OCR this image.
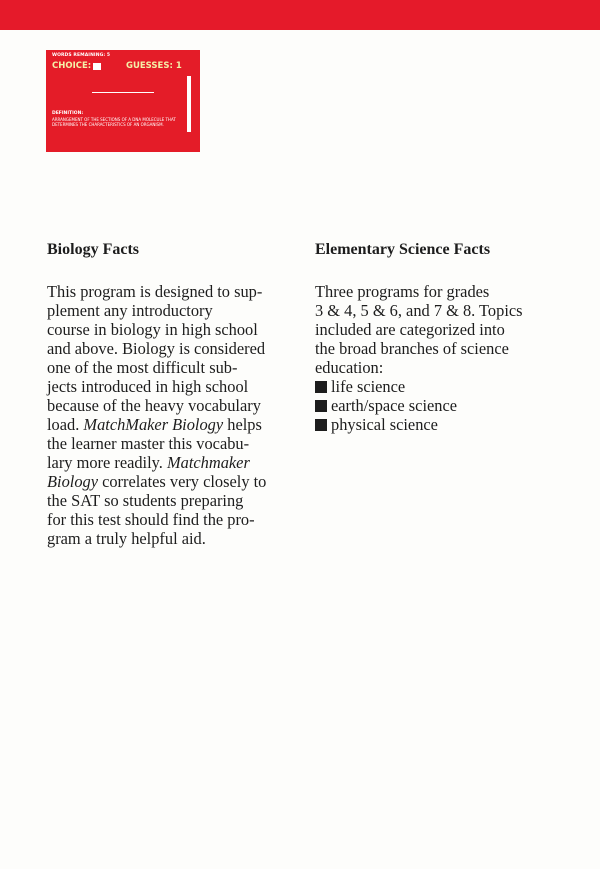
WORDS REMAINING: 5
CHOICE:	GUESSES: 1
DEFINITION:
ARRANGEMENT OF THE SECTIONS OF A DNA MOLECULE THAT DETERMINES THE CHARACTERISTICS OF AN ORGANISM.
Biology Facts

This program is designed to sup-
plement any introductory
course in biology in high school
and above. Biology is considered
one of the most difficult sub-
jects introduced in high school
because of the heavy vocabulary
load. MatchMaker Biology helps
the learner master this vocabu-
lary more readily. Matchmaker
Biology correlates very closely to
the SAT so students preparing
for this test should find the pro-
gram a truly helpful aid.

Elementary Science Facts

Three programs for grades
3 & 4, 5 & 6, and 7 & 8. Topics
included are categorized into
the broad branches of science
education:

life science
earth/space science
physical science
